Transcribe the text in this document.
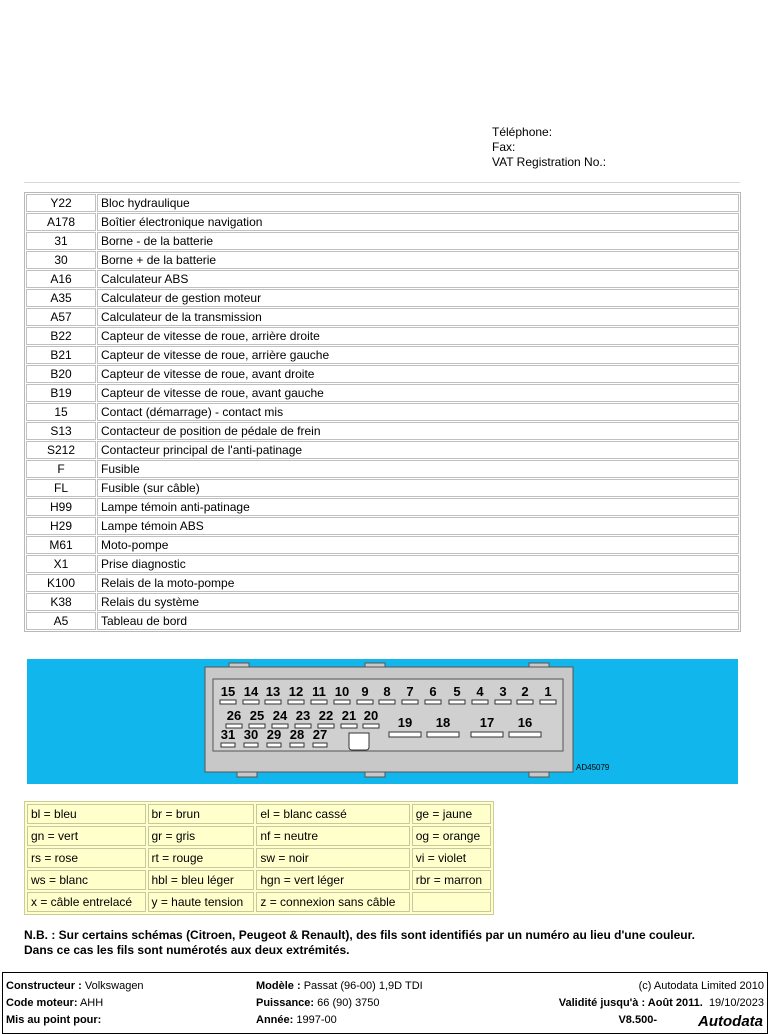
Téléphone:
Fax:
VAT Registration No.:
Y22	Bloc hydraulique
A178	Boîtier électronique navigation
31	Borne - de la batterie
30	Borne + de la batterie
A16	Calculateur ABS
A35	Calculateur de gestion moteur
A57	Calculateur de la transmission
B22	Capteur de vitesse de roue, arrière droite
B21	Capteur de vitesse de roue, arrière gauche
B20	Capteur de vitesse de roue, avant droite
B19	Capteur de vitesse de roue, avant gauche
15	Contact (démarrage) - contact mis
S13	Contacteur de position de pédale de frein
S212	Contacteur principal de l'anti-patinage
F	Fusible
FL	Fusible (sur câble)
H99	Lampe témoin anti-patinage
H29	Lampe témoin ABS
M61	Moto-pompe
X1	Prise diagnostic
K100	Relais de la moto-pompe
K38	Relais du système
A5	Tableau de bord
15 14 13 12 11 10 9 8 7 6 5 4 3 2 1
26 25 24 23 22 21 20 19 18 17 16
31 30 29 28 27
AD45079
bl = bleu	br = brun	el = blanc cassé	ge = jaune
gn = vert	gr = gris	nf = neutre	og = orange
rs = rose	rt = rouge	sw = noir	vi = violet
ws = blanc	hbl = bleu léger	hgn = vert léger	rbr = marron
x = câble entrelacé	y = haute tension	z = connexion sans câble	
N.B. : Sur certains schémas (Citroen, Peugeot & Renault), des fils sont identifiés par un numéro au lieu d'une couleur.
Dans ce cas les fils sont numérotés aux deux extrémités.
Constructeur : Volkswagen
Code moteur: AHH
Mis au point pour:
Modèle : Passat (96-00) 1,9D TDI
Puissance: 66 (90) 3750
Année: 1997-00
(c) Autodata Limited 2010
Validité jusqu'à : Août 2011. 19/10/2023
V8.500-	Autodata
